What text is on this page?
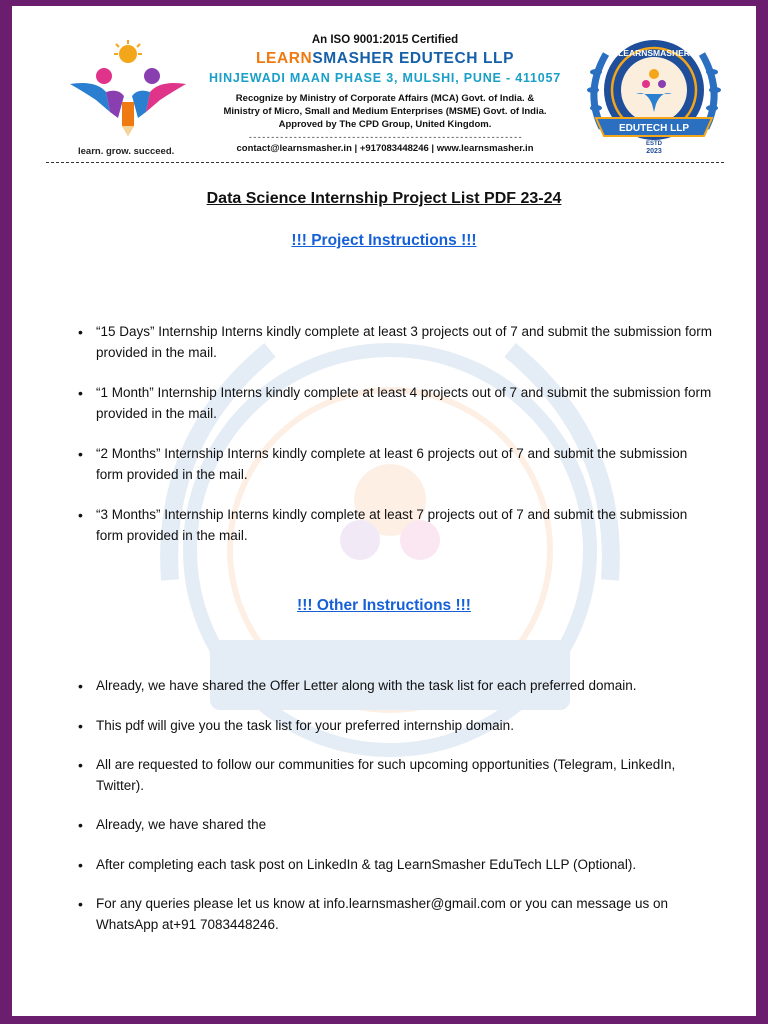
learn. grow. succeed.
An ISO 9001:2015 Certified
LEARNSMASHER EDUTECH LLP
HINJEWADI MAAN PHASE 3, MULSHI, PUNE - 411057
Recognize by Ministry of Corporate Affairs (MCA) Govt. of India. &
Ministry of Micro, Small and Medium Enterprises (MSME) Govt. of India.
Approved by The CPD Group, United Kingdom.
- - - - - - - - - - - - - - - - - - - - - - - - - - - - - - - - - - - - - - - - - - - - - - - - - - - - - - - - - - - - -
contact@learnsmasher.in | +917083448246 | www.learnsmasher.in
LEARNSMASHER
EDUTECH LLP
ESTD
2023
Data Science Internship Project List PDF 23-24
!!! Project Instructions !!!
• “15 Days” Internship Interns kindly complete at least 3 projects out of 7 and submit the submission form provided in the mail.
• “1 Month” Internship Interns kindly complete at least 4 projects out of 7 and submit the submission form provided in the mail.
• “2 Months” Internship Interns kindly complete at least 6 projects out of 7 and submit the submission form provided in the mail.
• “3 Months” Internship Interns kindly complete at least 7 projects out of 7 and submit the submission form provided in the mail.
!!! Other Instructions !!!
• Already, we have shared the Offer Letter along with the task list for each preferred domain.
• This pdf will give you the task list for your preferred internship domain.
• All are requested to follow our communities for such upcoming opportunities (Telegram, LinkedIn, Twitter).
• Already, we have shared the
• After completing each task post on LinkedIn & tag LearnSmasher EduTech LLP (Optional).
• For any queries please let us know at info.learnsmasher@gmail.com or you can message us on WhatsApp at+91 7083448246.
